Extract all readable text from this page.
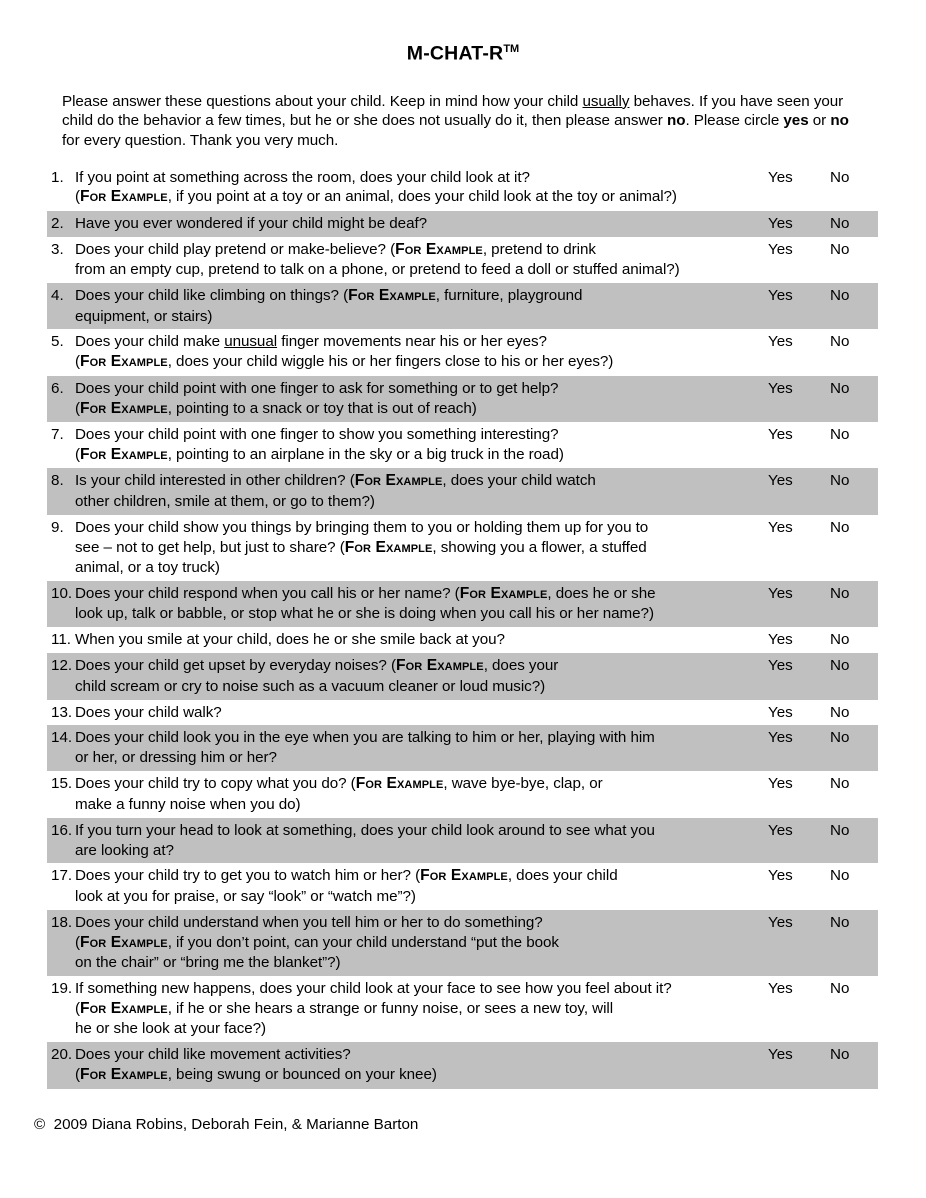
M-CHAT-R™
Please answer these questions about your child. Keep in mind how your child usually behaves. If you have seen your child do the behavior a few times, but he or she does not usually do it, then please answer no. Please circle yes or no for every question. Thank you very much.
1. If you point at something across the room, does your child look at it?
(For Example, if you point at a toy or an animal, does your child look at the toy or animal?)
Yes	No
2. Have you ever wondered if your child might be deaf?	Yes	No
3. Does your child play pretend or make-believe? (For Example, pretend to drink
from an empty cup, pretend to talk on a phone, or pretend to feed a doll or stuffed animal?)
Yes	No
4. Does your child like climbing on things? (For Example, furniture, playground
equipment, or stairs)
Yes	No
5. Does your child make unusual finger movements near his or her eyes?
(For Example, does your child wiggle his or her fingers close to his or her eyes?)
Yes	No
6. Does your child point with one finger to ask for something or to get help?
(For Example, pointing to a snack or toy that is out of reach)
Yes	No
7. Does your child point with one finger to show you something interesting?
(For Example, pointing to an airplane in the sky or a big truck in the road)
Yes	No
8. Is your child interested in other children? (For Example, does your child watch
other children, smile at them, or go to them?)
Yes	No
9. Does your child show you things by bringing them to you or holding them up for you to
see – not to get help, but just to share? (For Example, showing you a flower, a stuffed
animal, or a toy truck)
Yes	No
10. Does your child respond when you call his or her name? (For Example, does he or she
look up, talk or babble, or stop what he or she is doing when you call his or her name?)
Yes	No
11. When you smile at your child, does he or she smile back at you?	Yes	No
12. Does your child get upset by everyday noises? (For Example, does your
child scream or cry to noise such as a vacuum cleaner or loud music?)
Yes	No
13. Does your child walk?	Yes	No
14. Does your child look you in the eye when you are talking to him or her, playing with him
or her, or dressing him or her?
Yes	No
15. Does your child try to copy what you do? (For Example, wave bye-bye, clap, or
make a funny noise when you do)
Yes	No
16. If you turn your head to look at something, does your child look around to see what you
are looking at?
Yes	No
17. Does your child try to get you to watch him or her? (For Example, does your child
look at you for praise, or say “look” or “watch me”?)
Yes	No
18. Does your child understand when you tell him or her to do something?
(For Example, if you don’t point, can your child understand “put the book
on the chair” or “bring me the blanket”?)
Yes	No
19. If something new happens, does your child look at your face to see how you feel about it?
(For Example, if he or she hears a strange or funny noise, or sees a new toy, will
he or she look at your face?)
Yes	No
20. Does your child like movement activities?
(For Example, being swung or bounced on your knee)
Yes	No
© 2009 Diana Robins, Deborah Fein, & Marianne Barton
